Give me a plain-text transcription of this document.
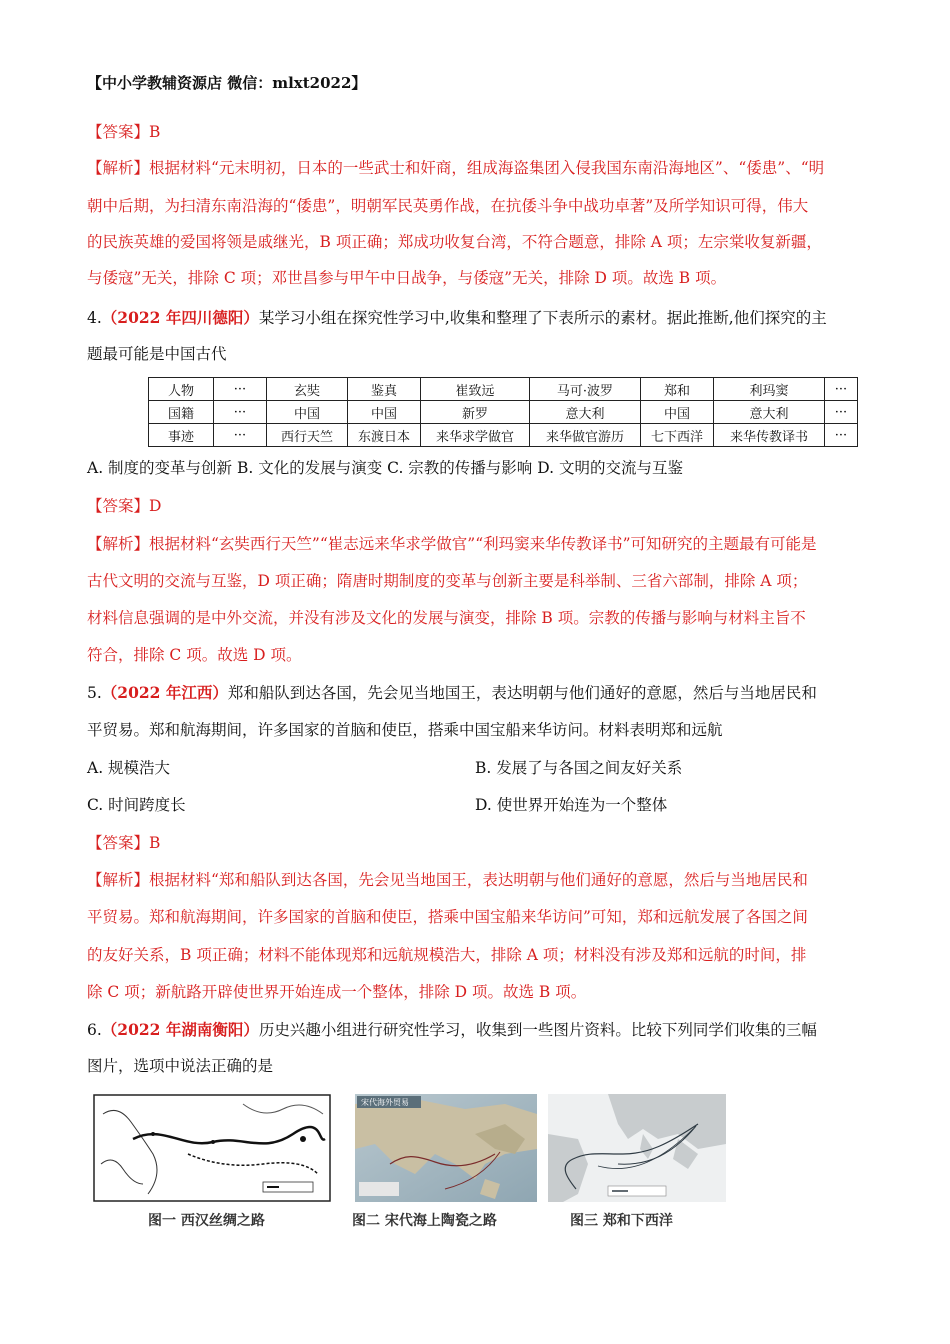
【中小学教辅资源店 微信：mlxt2022】
【答案】B
【解析】根据材料“元末明初，日本的一些武士和奸商，组成海盗集团入侵我国东南沿海地区”、“倭患”、“明
朝中后期，为扫清东南沿海的“倭患”，明朝军民英勇作战，在抗倭斗争中战功卓著”及所学知识可得，伟大
的民族英雄的爱国将领是戚继光，B 项正确；郑成功收复台湾，不符合题意，排除 A 项；左宗棠收复新疆，
与倭寇”无关，排除 C 项；邓世昌参与甲午中日战争，与倭寇”无关，排除 D 项。故选 B 项。
4.（2022 年四川德阳）某学习小组在探究性学习中,收集和整理了下表所示的素材。据此推断,他们探究的主
题最可能是中国古代
人物	···	玄奘	鉴真	崔致远	马可·波罗	郑和	利玛窦	···
国籍	···	中国	中国	新罗	意大利	中国	意大利	···
事迹	···	西行天竺	东渡日本	来华求学做官	来华做官游历	七下西洋	来华传教译书	···
A. 制度的变革与创新 B. 文化的发展与演变 C. 宗教的传播与影响 D. 文明的交流与互鉴
【答案】D
【解析】根据材料“玄奘西行天竺”“崔志远来华求学做官”“利玛窦来华传教译书”可知研究的主题最有可能是
古代文明的交流与互鉴，D 项正确；隋唐时期制度的变革与创新主要是科举制、三省六部制，排除 A 项；
材料信息强调的是中外交流，并没有涉及文化的发展与演变，排除 B 项。宗教的传播与影响与材料主旨不
符合，排除 C 项。故选 D 项。
5.（2022 年江西）郑和船队到达各国，先会见当地国王，表达明朝与他们通好的意愿，然后与当地居民和
平贸易。郑和航海期间，许多国家的首脑和使臣，搭乘中国宝船来华访问。材料表明郑和远航
A. 规模浩大	B. 发展了与各国之间友好关系
C. 时间跨度长	D. 使世界开始连为一个整体
【答案】B
【解析】根据材料“郑和船队到达各国，先会见当地国王，表达明朝与他们通好的意愿，然后与当地居民和
平贸易。郑和航海期间，许多国家的首脑和使臣，搭乘中国宝船来华访问”可知，郑和远航发展了各国之间
的友好关系，B 项正确；材料不能体现郑和远航规模浩大，排除 A 项；材料没有涉及郑和远航的时间，排
除 C 项；新航路开辟使世界开始连成一个整体，排除 D 项。故选 B 项。
6.（2022 年湖南衡阳）历史兴趣小组进行研究性学习，收集到一些图片资料。比较下列同学们收集的三幅
图片，选项中说法正确的是
宋代海外贸易
图一 西汉丝绸之路	图二 宋代海上陶瓷之路	图三 郑和下西洋
